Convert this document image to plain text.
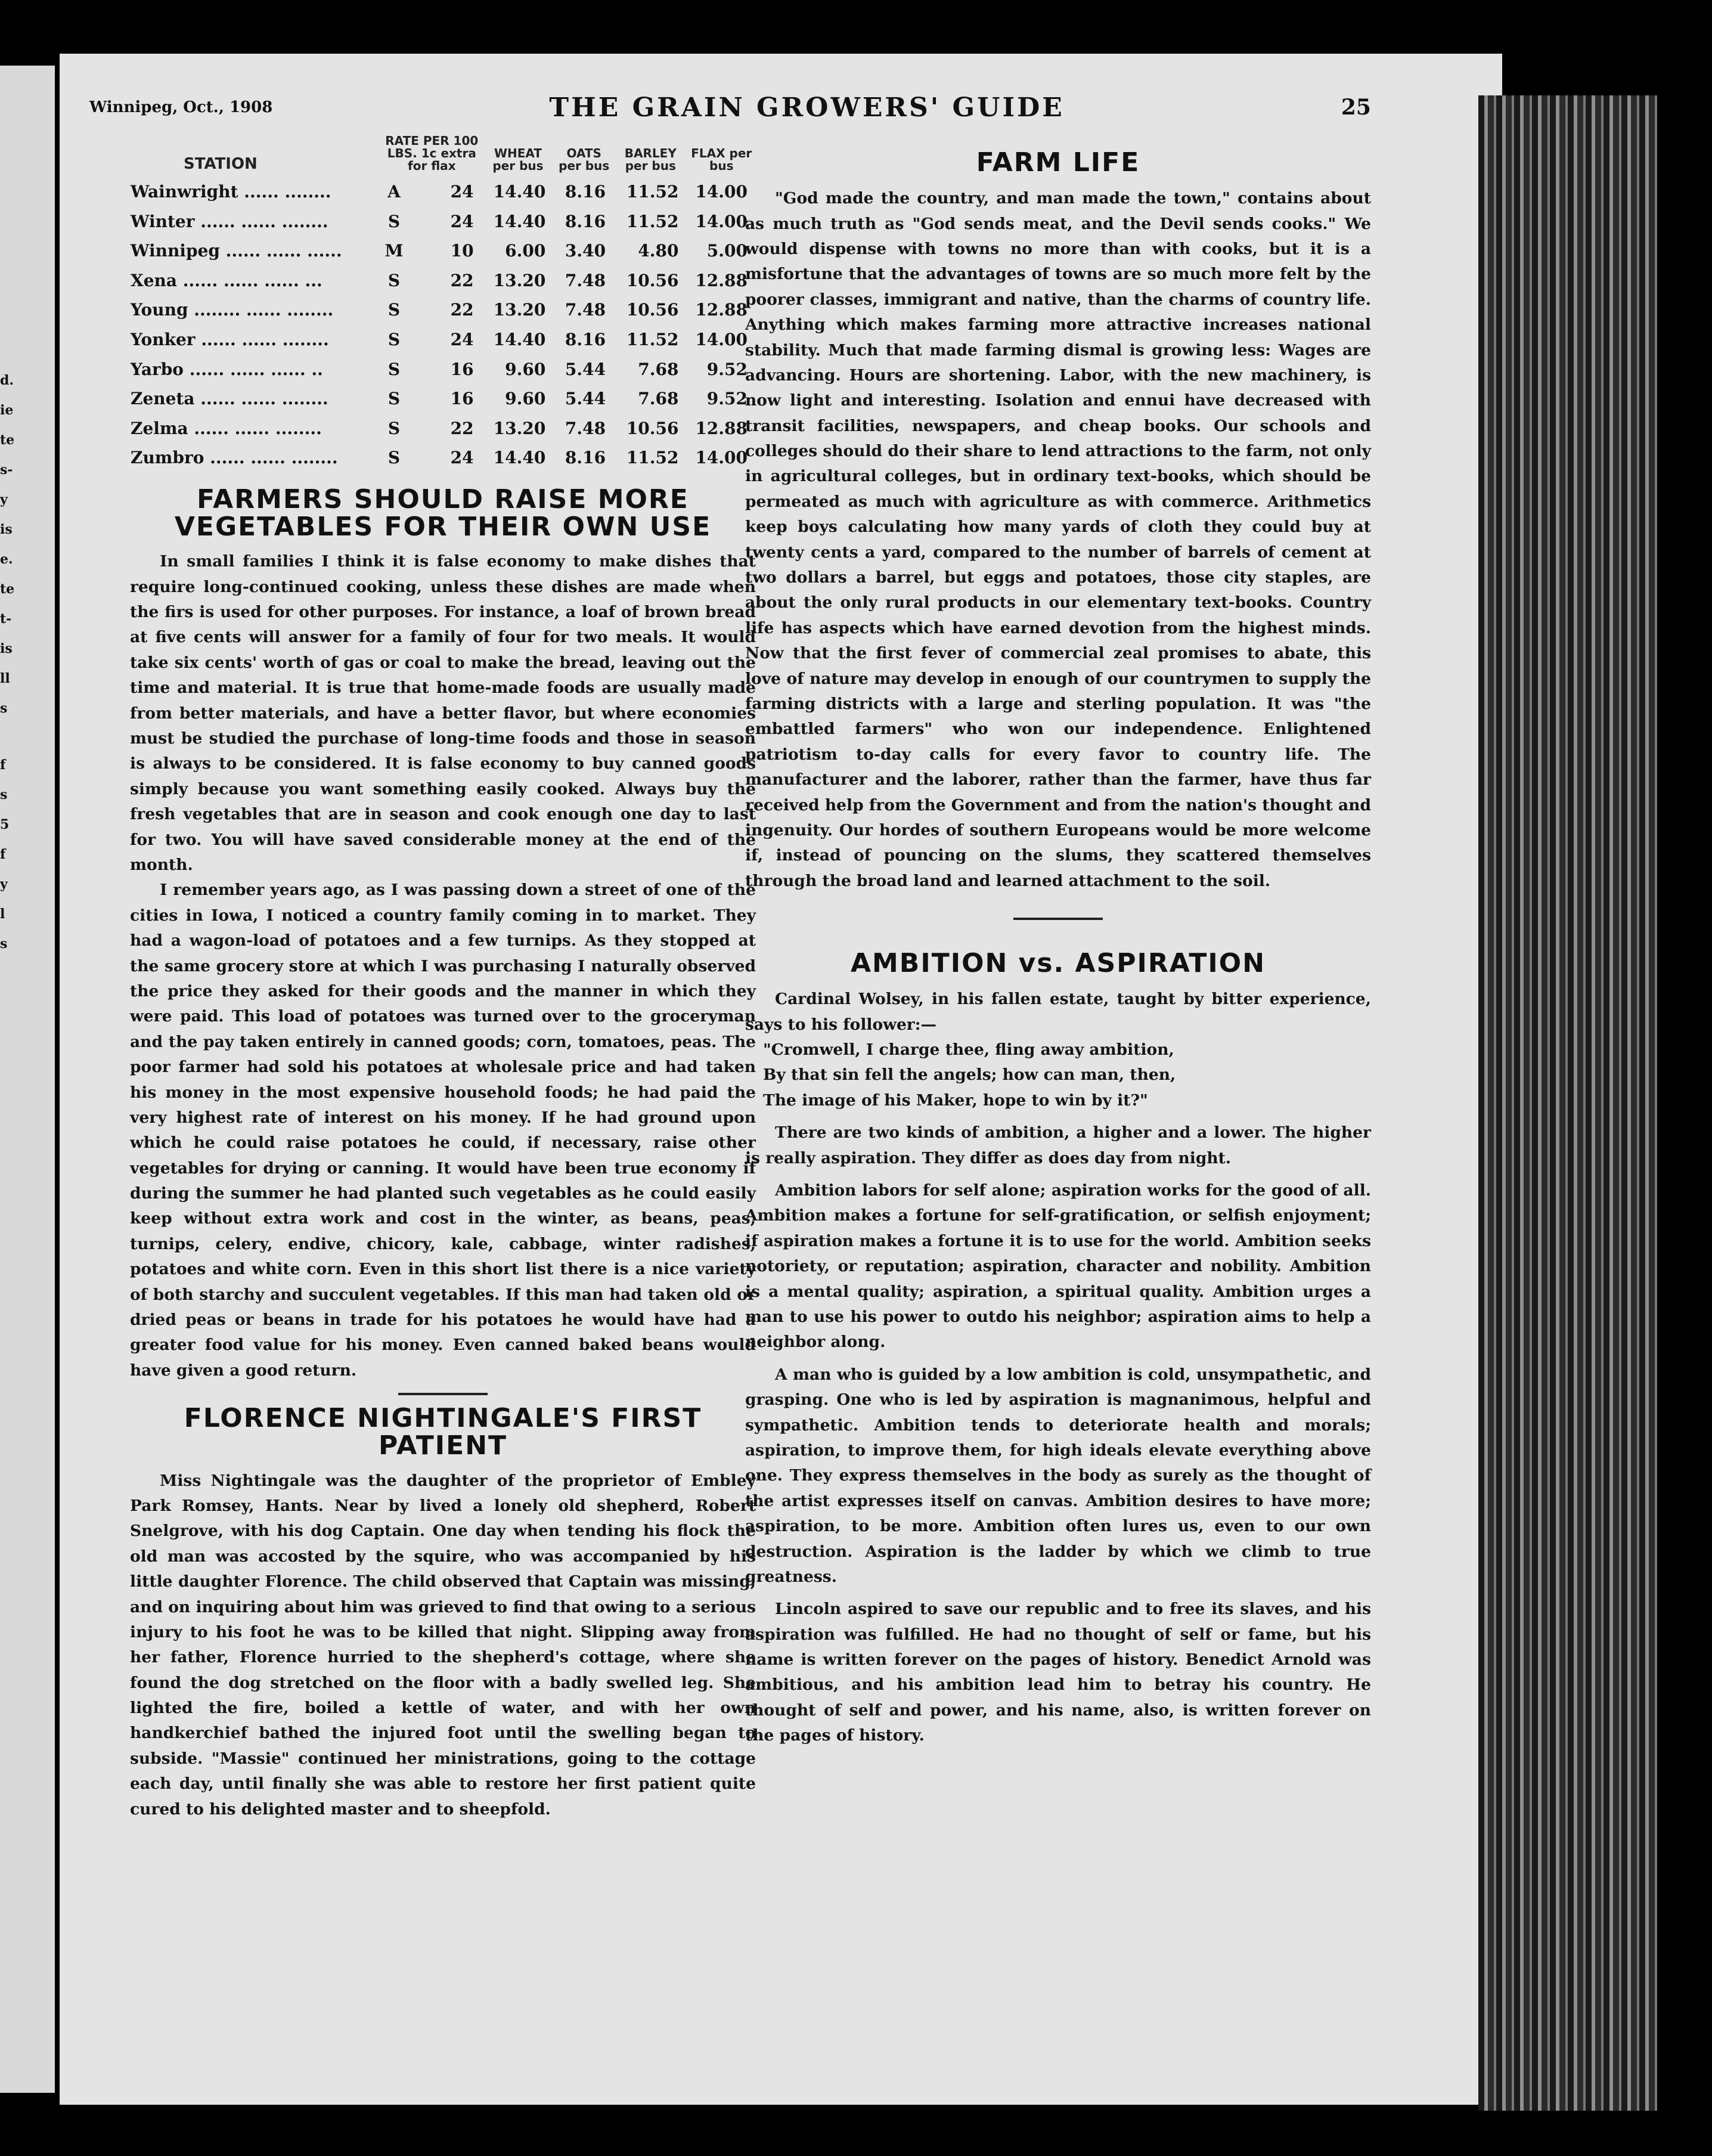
d.
ie
te
s-
y
is
e.
te
t-
is
ll
s
f
s
5
f
y
l
s
Winnipeg, Oct., 1908	THE GRAIN GROWERS' GUIDE	25
STATION	RATE PER 100 LBS. 1c extra for flax		WHEAT per bus	OATS per bus	BARLEY per bus	FLAX per bus
Wainwright ...... ........	A	24	14.40	8.16	11.52	14.00
Winter ...... ...... ........	S	24	14.40	8.16	11.52	14.00
Winnipeg ...... ...... ......	M	10	6.00	3.40	4.80	5.00
Xena ...... ...... ...... ...	S	22	13.20	7.48	10.56	12.88
Young ........ ...... ........	S	22	13.20	7.48	10.56	12.88
Yonker ...... ...... ........	S	24	14.40	8.16	11.52	14.00
Yarbo ...... ...... ...... ..	S	16	9.60	5.44	7.68	9.52
Zeneta ...... ...... ........	S	16	9.60	5.44	7.68	9.52
Zelma ...... ...... ........	S	22	13.20	7.48	10.56	12.88
Zumbro ...... ...... ........	S	24	14.40	8.16	11.52	14.00
FARMERS SHOULD RAISE MORE VEGETABLES FOR THEIR OWN USE

In small families I think it is false economy to make dishes that require long-continued cooking, unless these dishes are made when the firs is used for other purposes. For instance, a loaf of brown bread at five cents will answer for a family of four for two meals. It would take six cents' worth of gas or coal to make the bread, leaving out the time and material. It is true that home-made foods are usually made from better materials, and have a better flavor, but where economies must be studied the purchase of long-time foods and those in season is always to be considered. It is false economy to buy canned goods simply because you want something easily cooked. Always buy the fresh vegetables that are in season and cook enough one day to last for two. You will have saved considerable money at the end of the month.

I remember years ago, as I was passing down a street of one of the cities in Iowa, I noticed a country family coming in to market. They had a wagon-load of potatoes and a few turnips. As they stopped at the same grocery store at which I was purchasing I naturally observed the price they asked for their goods and the manner in which they were paid. This load of potatoes was turned over to the groceryman and the pay taken entirely in canned goods; corn, tomatoes, peas. The poor farmer had sold his potatoes at wholesale price and had taken his money in the most expensive household foods; he had paid the very highest rate of interest on his money. If he had ground upon which he could raise potatoes he could, if necessary, raise other vegetables for drying or canning. It would have been true economy if during the summer he had planted such vegetables as he could easily keep without extra work and cost in the winter, as beans, peas, turnips, celery, endive, chicory, kale, cabbage, winter radishes, potatoes and white corn. Even in this short list there is a nice variety of both starchy and succulent vegetables. If this man had taken old or dried peas or beans in trade for his potatoes he would have had a greater food value for his money. Even canned baked beans would have given a good return.

FLORENCE NIGHTINGALE'S FIRST PATIENT

Miss Nightingale was the daughter of the proprietor of Embley Park Romsey, Hants. Near by lived a lonely old shepherd, Robert Snelgrove, with his dog Captain. One day when tending his flock the old man was accosted by the squire, who was accompanied by his little daughter Florence. The child observed that Captain was missing, and on inquiring about him was grieved to find that owing to a serious injury to his foot he was to be killed that night. Slipping away from her father, Florence hurried to the shepherd's cottage, where she found the dog stretched on the floor with a badly swelled leg. She lighted the fire, boiled a kettle of water, and with her own handkerchief bathed the injured foot until the swelling began to subside. "Massie" continued her ministrations, going to the cottage each day, until finally she was able to restore her first patient quite cured to his delighted master and to sheepfold.

FARM LIFE

"God made the country, and man made the town," contains about as much truth as "God sends meat, and the Devil sends cooks." We would dispense with towns no more than with cooks, but it is a misfortune that the advantages of towns are so much more felt by the poorer classes, immigrant and native, than the charms of country life. Anything which makes farming more attractive increases national stability. Much that made farming dismal is growing less: Wages are advancing. Hours are shortening. Labor, with the new machinery, is now light and interesting. Isolation and ennui have decreased with transit facilities, newspapers, and cheap books. Our schools and colleges should do their share to lend attractions to the farm, not only in agricultural colleges, but in ordinary text-books, which should be permeated as much with agriculture as with commerce. Arithmetics keep boys calculating how many yards of cloth they could buy at twenty cents a yard, compared to the number of barrels of cement at two dollars a barrel, but eggs and potatoes, those city staples, are about the only rural products in our elementary text-books. Country life has aspects which have earned devotion from the highest minds. Now that the first fever of commercial zeal promises to abate, this love of nature may develop in enough of our countrymen to supply the farming districts with a large and sterling population. It was "the embattled farmers" who won our independence. Enlightened patriotism to-day calls for every favor to country life. The manufacturer and the laborer, rather than the farmer, have thus far received help from the Government and from the nation's thought and ingenuity. Our hordes of southern Europeans would be more welcome if, instead of pouncing on the slums, they scattered themselves through the broad land and learned attachment to the soil.

AMBITION vs. ASPIRATION

Cardinal Wolsey, in his fallen estate, taught by bitter experience, says to his follower:—

"Cromwell, I charge thee, fling away ambition,
By that sin fell the angels; how can man, then,
The image of his Maker, hope to win by it?"

There are two kinds of ambition, a higher and a lower. The higher is really aspiration. They differ as does day from night.

Ambition labors for self alone; aspiration works for the good of all. Ambition makes a fortune for self-gratification, or selfish enjoyment; if aspiration makes a fortune it is to use for the world. Ambition seeks notoriety, or reputation; aspiration, character and nobility. Ambition is a mental quality; aspiration, a spiritual quality. Ambition urges a man to use his power to outdo his neighbor; aspiration aims to help a neighbor along.

A man who is guided by a low ambition is cold, unsympathetic, and grasping. One who is led by aspiration is magnanimous, helpful and sympathetic. Ambition tends to deteriorate health and morals; aspiration, to improve them, for high ideals elevate everything above one. They express themselves in the body as surely as the thought of the artist expresses itself on canvas. Ambition desires to have more; aspiration, to be more. Ambition often lures us, even to our own destruction. Aspiration is the ladder by which we climb to true greatness.

Lincoln aspired to save our republic and to free its slaves, and his aspiration was fulfilled. He had no thought of self or fame, but his name is written forever on the pages of history. Benedict Arnold was ambitious, and his ambition lead him to betray his country. He thought of self and power, and his name, also, is written forever on the pages of history.
